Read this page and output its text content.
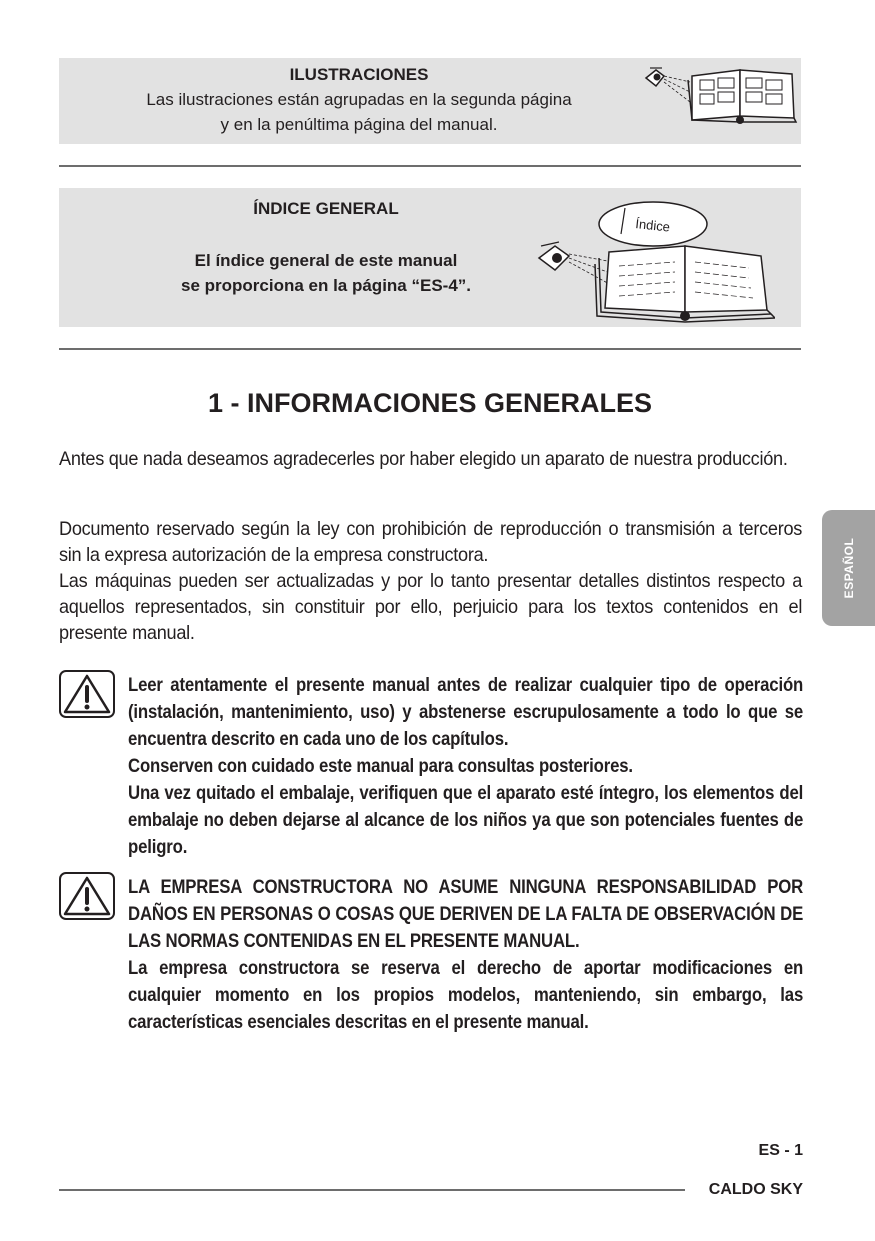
ILUSTRACIONES
Las ilustraciones están agrupadas en la segunda página
y en la penúltima página del manual.
ÍNDICE GENERAL
El índice general de este manual
se proporciona en la página “ES-4”.
Índice
1 - INFORMACIONES GENERALES

Antes que nada deseamos agradecerles por haber elegido un aparato de nuestra producción.

Documento reservado según la ley con prohibición de reproducción o transmisión a terceros sin la expresa autorización de la empresa constructora.
Las máquinas pueden ser actualizadas y por lo tanto presentar detalles distintos respecto a aquellos representados, sin constituir por ello, perjuicio para los textos contenidos en el presente manual.
Leer atentamente el presente manual antes de realizar cualquier tipo de operación (instalación, mantenimiento, uso) y abstenerse escrupulosamente a todo lo que se encuentra descrito en cada uno de los capítulos.
Conserven con cuidado este manual para consultas posteriores.
Una vez quitado el embalaje, verifiquen que el aparato esté íntegro, los elementos del embalaje no deben dejarse al alcance de los niños ya que son potenciales fuentes de peligro.
LA EMPRESA CONSTRUCTORA NO ASUME NINGUNA RESPONSABILIDAD POR DAÑOS EN PERSONAS O COSAS QUE DERIVEN DE LA FALTA DE OBSERVACIÓN DE LAS NORMAS CONTENIDAS EN EL PRESENTE MANUAL.
La empresa constructora se reserva el derecho de aportar modificaciones en cualquier momento en los propios modelos, manteniendo, sin embargo, las características esenciales descritas en el presente manual.
ESPAÑOL
ES - 1
CALDO SKY
